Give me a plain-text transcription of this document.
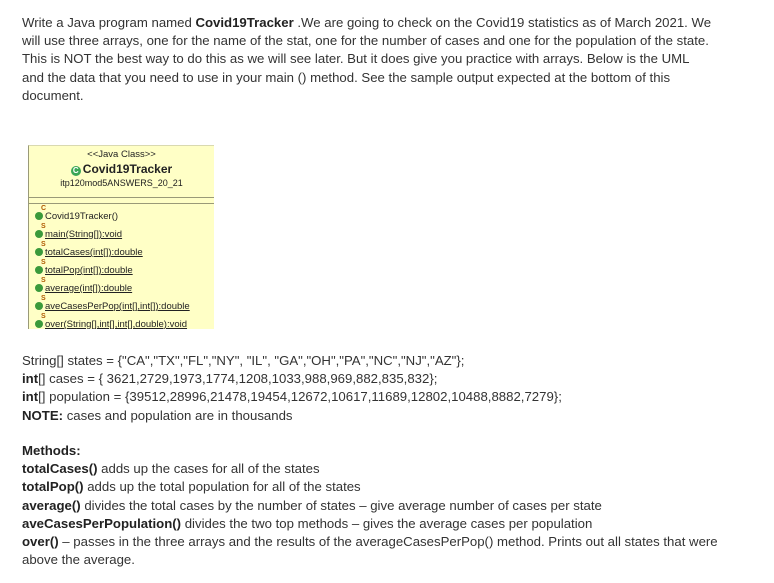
Write a Java program named Covid19Tracker .We are going to check on the Covid19 statistics as of March 2021. We will use three arrays, one for the name of the stat, one for the number of cases and one for the population of the state. This is NOT the best way to do this as we will see later. But it does give you practice with arrays. Below is the UML and the data that you need to use in your main () method. See the sample output expected at the bottom of this document.

<<Java Class>>
C Covid19Tracker
itp120mod5ANSWERS_20_21
C
Covid19Tracker()
S
main(String[]):void
S
totalCases(int[]):double
S
totalPop(int[]):double
S
average(int[]):double
S
aveCasesPerPop(int[],int[]):double
S
over(String[],int[],int[],double):void
String[] states = {"CA","TX","FL","NY", "IL", "GA","OH","PA","NC","NJ","AZ"};
int[] cases = { 3621,2729,1973,1774,1208,1033,988,969,882,835,832};
int[] population = {39512,28996,21478,19454,12672,10617,11689,12802,10488,8882,7279};
NOTE: cases and population are in thousands
Methods:
totalCases() adds up the cases for all of the states
totalPop() adds up the total population for all of the states
average() divides the total cases by the number of states – give average number of cases per state
aveCasesPerPopulation() divides the two top methods – gives the average cases per population
over() – passes in the three arrays and the results of the averageCasesPerPop() method. Prints out all states that were above the average.
